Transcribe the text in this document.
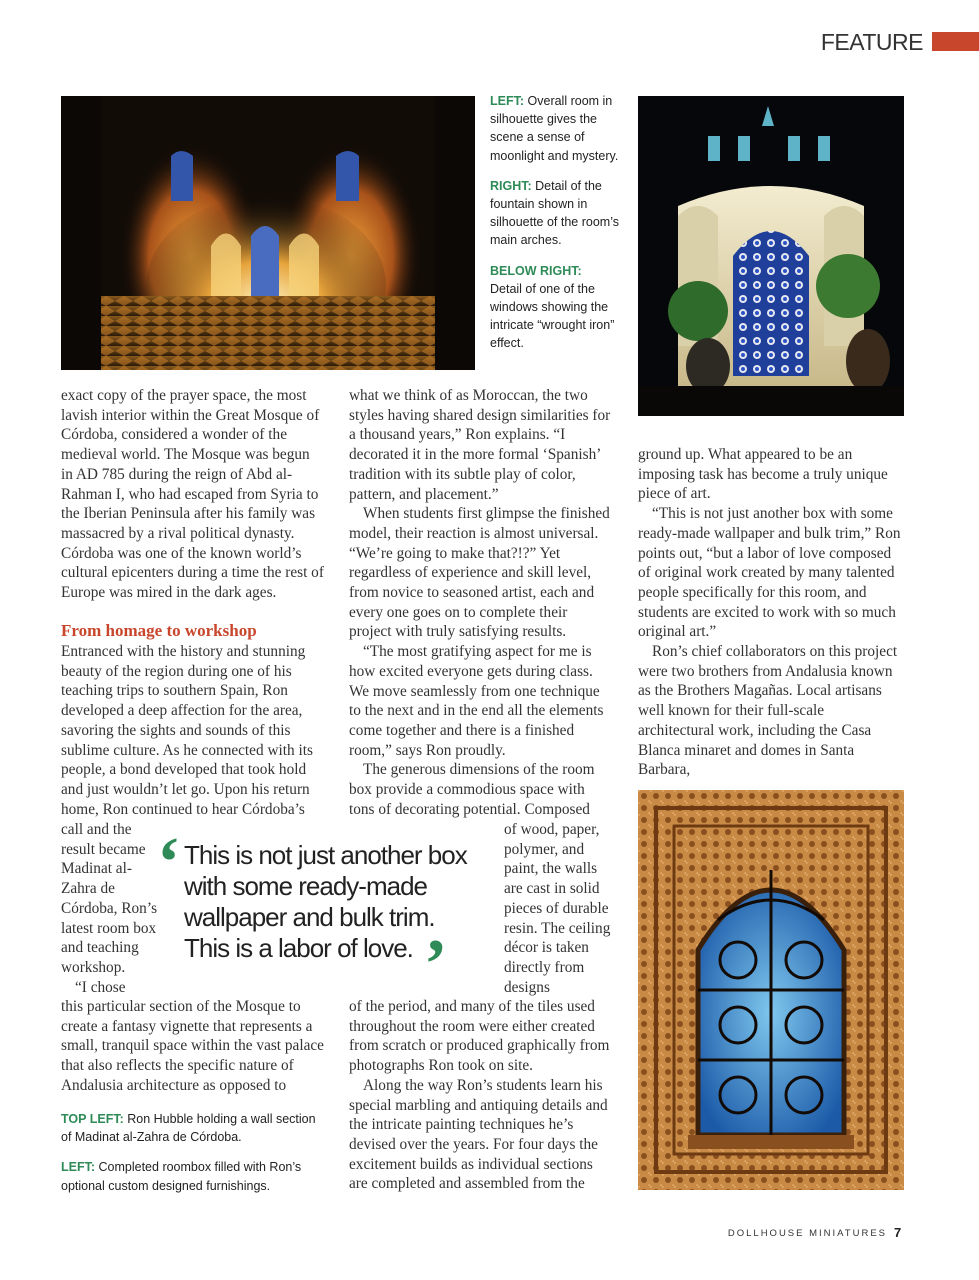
FEATURE

LEFT: Overall room in silhouette gives the scene a sense of moonlight and mystery.

RIGHT: Detail of the fountain shown in silhouette of the room’s main arches.

BELOW RIGHT:
Detail of one of the windows showing the intricate “wrought iron” effect.

exact copy of the prayer space, the most lavish interior within the Great Mosque of Córdoba, considered a wonder of the medieval world. The Mosque was begun in AD 785 during the reign of Abd al-Rahman I, who had escaped from Syria to the Iberian Peninsula after his family was massacred by a rival political dynasty. Córdoba was one of the known world’s cultural epicenters during a time the rest of Europe was mired in the dark ages.

From homage to workshop

Entranced with the history and stunning beauty of the region during one of his teaching trips to southern Spain, Ron developed a deep affection for the area, savoring the sights and sounds of this sublime culture. As he connected with its people, a bond developed that took hold and just wouldn’t let go. Upon his return home, Ron continued to hear Córdoba’s

call and the result became Madinat al-Zahra de Córdoba, Ron’s latest room box and teaching workshop.

“I chose

this particular section of the Mosque to create a fantasy vignette that represents a small, tranquil space within the vast palace that also reflects the specific nature of Andalusia architecture as opposed to

TOP LEFT: Ron Hubble holding a wall section of Madinat al-Zahra de Córdoba.

LEFT: Completed roombox filled with Ron’s optional custom designed furnishings.

‘ This is not just another box with some ready-made wallpaper and bulk trim. This is a labor of love. ’

what we think of as Moroccan, the two styles having shared design similarities for a thousand years,” Ron explains. “I decorated it in the more formal ‘Spanish’ tradition with its subtle play of color, pattern, and placement.”

When students first glimpse the finished model, their reaction is almost universal. “We’re going to make that?!?” Yet regardless of experience and skill level, from novice to seasoned artist, each and every one goes on to complete their project with truly satisfying results.

“The most gratifying aspect for me is how excited everyone gets during class. We move seamlessly from one technique to the next and in the end all the elements come together and there is a finished room,” says Ron proudly.

The generous dimensions of the room box provide a commodious space with tons of decorating potential. Composed

of wood, paper, polymer, and paint, the walls are cast in solid pieces of durable resin. The ceiling décor is taken directly from designs

of the period, and many of the tiles used throughout the room were either created from scratch or produced graphically from photographs Ron took on site.

Along the way Ron’s students learn his special marbling and antiquing details and the intricate painting techniques he’s devised over the years. For four days the excitement builds as individual sections are completed and assembled from the

ground up. What appeared to be an imposing task has become a truly unique piece of art.

“This is not just another box with some ready-made wallpaper and bulk trim,” Ron points out, “but a labor of love composed of original work created by many talented people specifically for this room, and students are excited to work with so much original art.”

Ron’s chief collaborators on this project were two brothers from Andalusia known as the Brothers Magañas. Local artisans well known for their full-scale architectural work, including the Casa Blanca minaret and domes in Santa Barbara,

DOLLHOUSE MINIATURES 7
